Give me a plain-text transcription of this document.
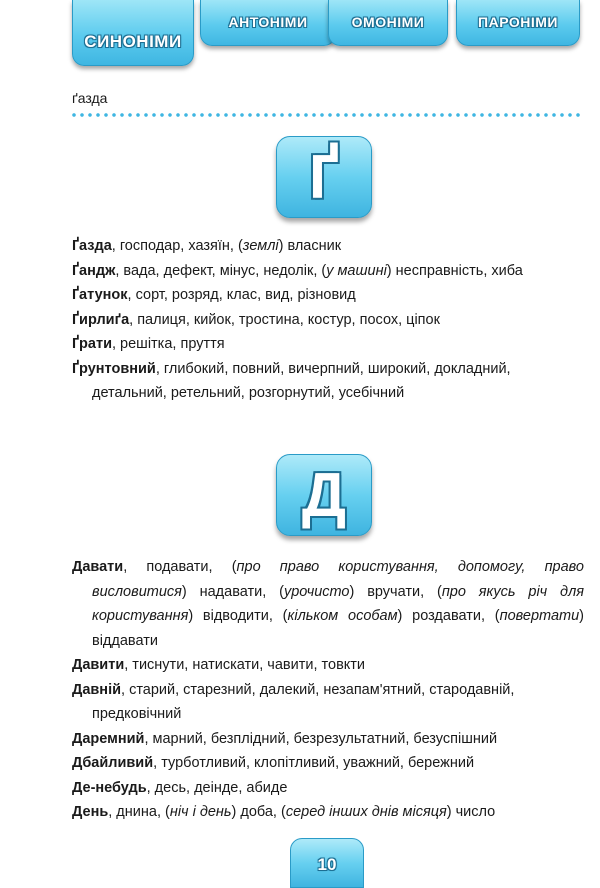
СИНОНІМИ
АНТОНІМИ	ОМОНІМИ	ПАРОНІМИ
ґазда
Ґ

Ґазда, господар, хазяїн, (землі) власник

Ґандж, вада, дефект, мінус, недолік, (у машині) несправність, хиба

Ґатунок, сорт, розряд, клас, вид, різновид

Ґирлиґа, палиця, кийок, тростина, костур, посох, ціпок

Ґрати, решітка, пруття

Ґрунтовний, глибокий, повний, вичерпний, широкий, докладний, детальний, ретельний, розгорнутий, усебічний

Д

Давати, подавати, (про право користування, допомогу, право висловитися) надавати, (урочисто) вручати, (про якусь річ для користування) відводити, (кільком особам) роздавати, (повертати) віддавати

Давити, тиснути, натискати, чавити, товкти

Давній, старий, старезний, далекий, незапам'ятний, стародавній, предковічний

Даремний, марний, безплідний, безрезультатний, безуспішний

Дбайливий, турботливий, клопітливий, уважний, бережний

Де-небудь, десь, деінде, абиде

День, днина, (ніч і день) доба, (серед інших днів місяця) число

10
